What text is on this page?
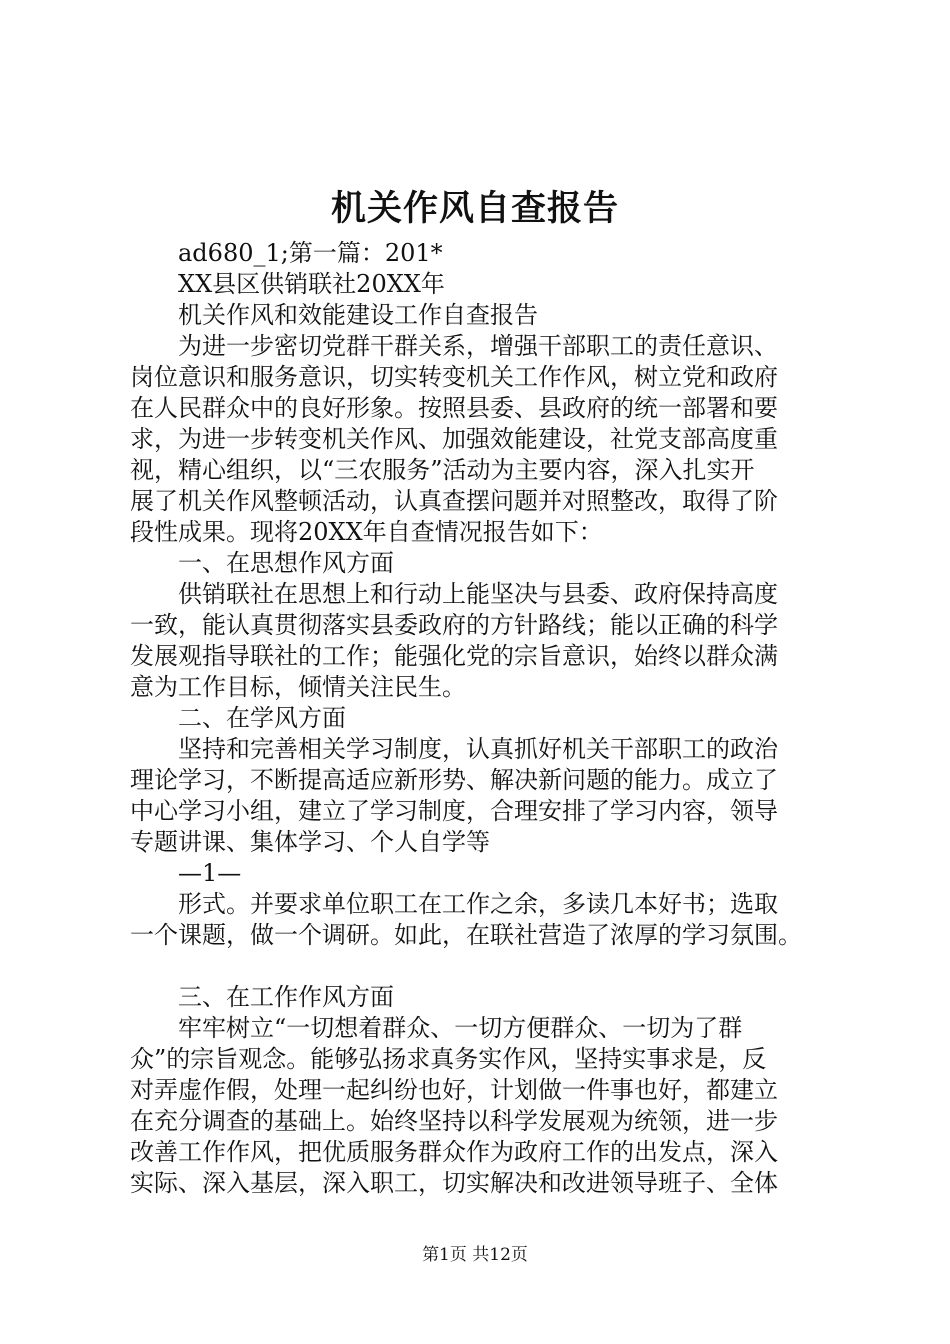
机关作风自查报告

ad680_1;第一篇：201*

XX县区供销联社20XX年

机关作风和效能建设工作自查报告

为进一步密切党群干群关系，增强干部职工的责任意识、

岗位意识和服务意识，切实转变机关工作作风，树立党和政府

在人民群众中的良好形象。按照县委、县政府的统一部署和要

求，为进一步转变机关作风、加强效能建设，社党支部高度重

视，精心组织，以“三农服务”活动为主要内容，深入扎实开

展了机关作风整顿活动，认真查摆问题并对照整改，取得了阶

段性成果。现将20XX年自查情况报告如下：

一、在思想作风方面

供销联社在思想上和行动上能坚决与县委、政府保持高度

一致，能认真贯彻落实县委政府的方针路线；能以正确的科学

发展观指导联社的工作；能强化党的宗旨意识，始终以群众满

意为工作目标，倾情关注民生。

二、在学风方面

坚持和完善相关学习制度，认真抓好机关干部职工的政治

理论学习，不断提高适应新形势、解决新问题的能力。成立了

中心学习小组，建立了学习制度，合理安排了学习内容，领导

专题讲课、集体学习、个人自学等

—1—

形式。并要求单位职工在工作之余，多读几本好书；选取

一个课题，做一个调研。如此，在联社营造了浓厚的学习氛围。

三、在工作作风方面

牢牢树立“一切想着群众、一切方便群众、一切为了群

众”的宗旨观念。能够弘扬求真务实作风，坚持实事求是，反

对弄虚作假，处理一起纠纷也好，计划做一件事也好，都建立

在充分调查的基础上。始终坚持以科学发展观为统领，进一步

改善工作作风，把优质服务群众作为政府工作的出发点，深入

实际、深入基层，深入职工，切实解决和改进领导班子、全体

第1页 共12页
